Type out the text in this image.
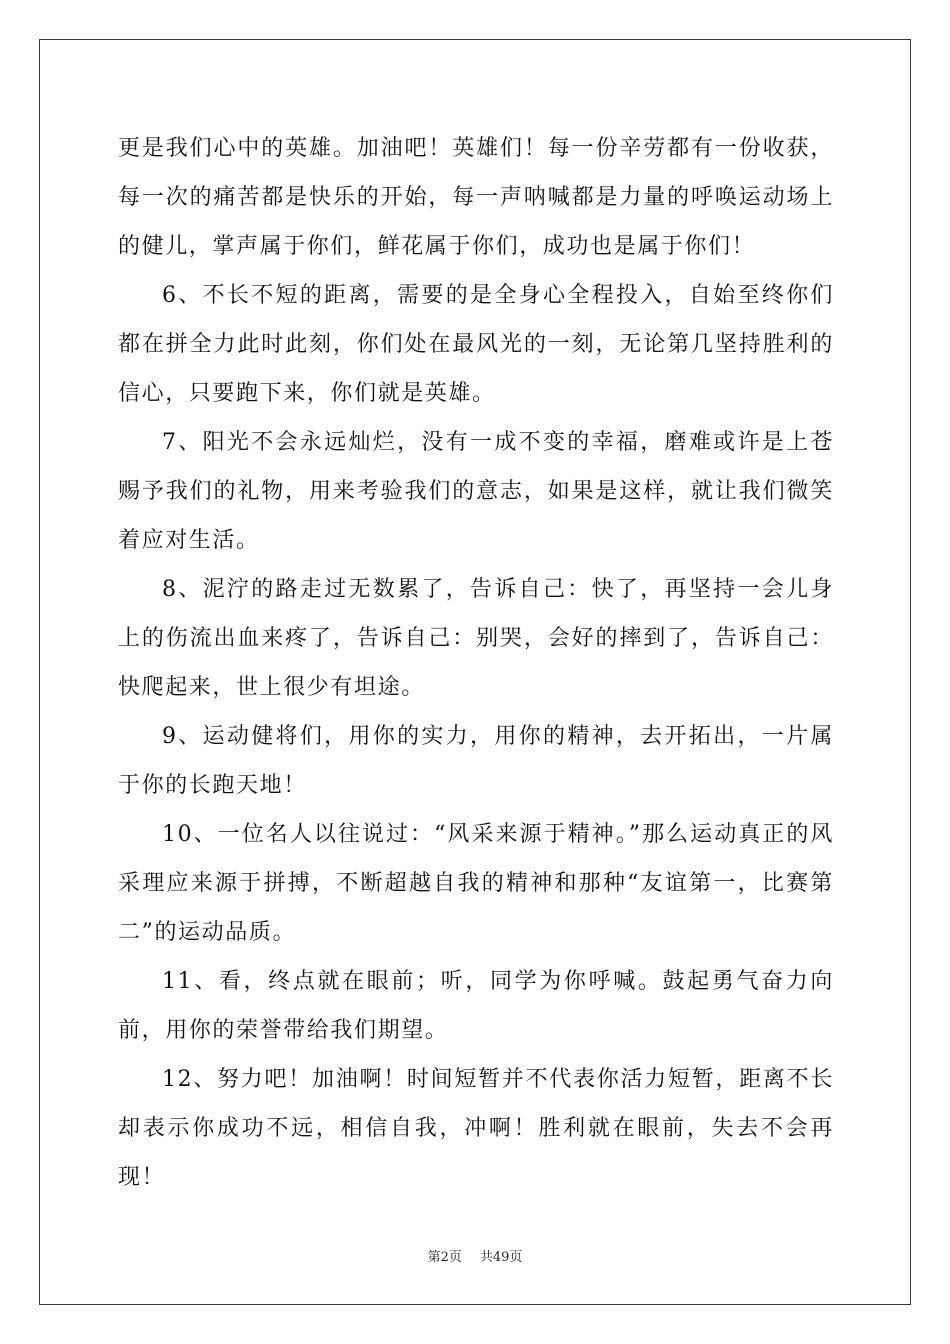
更是我们心中的英雄。加油吧！英雄们！每一份辛劳都有一份收获，每一次的痛苦都是快乐的开始，每一声呐喊都是力量的呼唤运动场上的健儿，掌声属于你们，鲜花属于你们，成功也是属于你们！

6、不长不短的距离，需要的是全身心全程投入，自始至终你们都在拼全力此时此刻，你们处在最风光的一刻，无论第几坚持胜利的信心，只要跑下来，你们就是英雄。

7、阳光不会永远灿烂，没有一成不变的幸福，磨难或许是上苍赐予我们的礼物，用来考验我们的意志，如果是这样，就让我们微笑着应对生活。

8、泥泞的路走过无数累了，告诉自己：快了，再坚持一会儿身上的伤流出血来疼了，告诉自己：别哭，会好的摔到了，告诉自己：快爬起来，世上很少有坦途。

9、运动健将们，用你的实力，用你的精神，去开拓出，一片属于你的长跑天地！

10、一位名人以往说过：“风采来源于精神。”那么运动真正的风采理应来源于拼搏，不断超越自我的精神和那种“友谊第一，比赛第二”的运动品质。

11、看，终点就在眼前；听，同学为你呼喊。鼓起勇气奋力向前，用你的荣誉带给我们期望。

12、努力吧！加油啊！时间短暂并不代表你活力短暂，距离不长却表示你成功不远，相信自我，冲啊！胜利就在眼前，失去不会再现！

第2页 共49页
